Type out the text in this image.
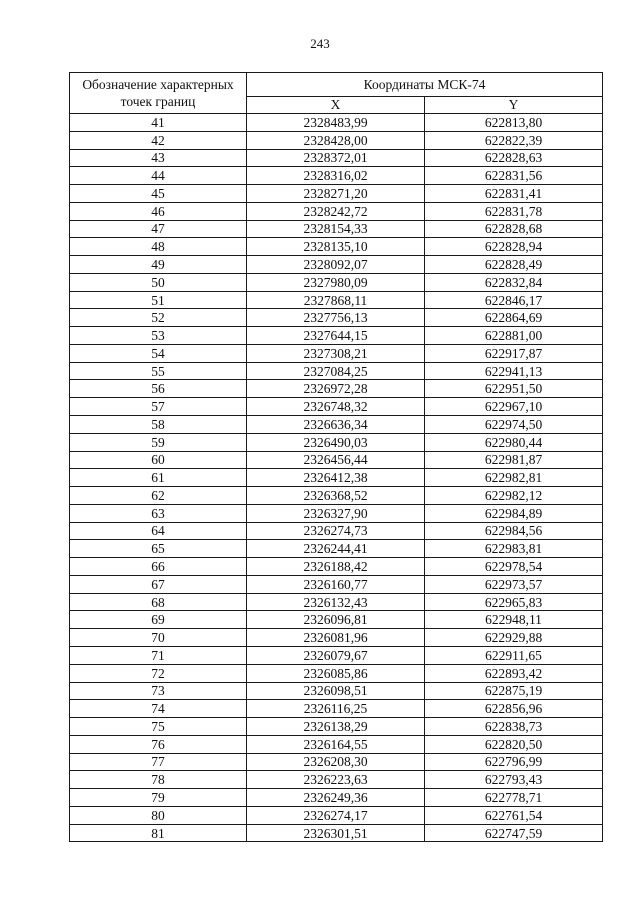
243
Обозначение характерных точек границ	Координаты МСК-74	
	X	Y
41	2328483,99	622813,80
42	2328428,00	622822,39
43	2328372,01	622828,63
44	2328316,02	622831,56
45	2328271,20	622831,41
46	2328242,72	622831,78
47	2328154,33	622828,68
48	2328135,10	622828,94
49	2328092,07	622828,49
50	2327980,09	622832,84
51	2327868,11	622846,17
52	2327756,13	622864,69
53	2327644,15	622881,00
54	2327308,21	622917,87
55	2327084,25	622941,13
56	2326972,28	622951,50
57	2326748,32	622967,10
58	2326636,34	622974,50
59	2326490,03	622980,44
60	2326456,44	622981,87
61	2326412,38	622982,81
62	2326368,52	622982,12
63	2326327,90	622984,89
64	2326274,73	622984,56
65	2326244,41	622983,81
66	2326188,42	622978,54
67	2326160,77	622973,57
68	2326132,43	622965,83
69	2326096,81	622948,11
70	2326081,96	622929,88
71	2326079,67	622911,65
72	2326085,86	622893,42
73	2326098,51	622875,19
74	2326116,25	622856,96
75	2326138,29	622838,73
76	2326164,55	622820,50
77	2326208,30	622796,99
78	2326223,63	622793,43
79	2326249,36	622778,71
80	2326274,17	622761,54
81	2326301,51	622747,59
